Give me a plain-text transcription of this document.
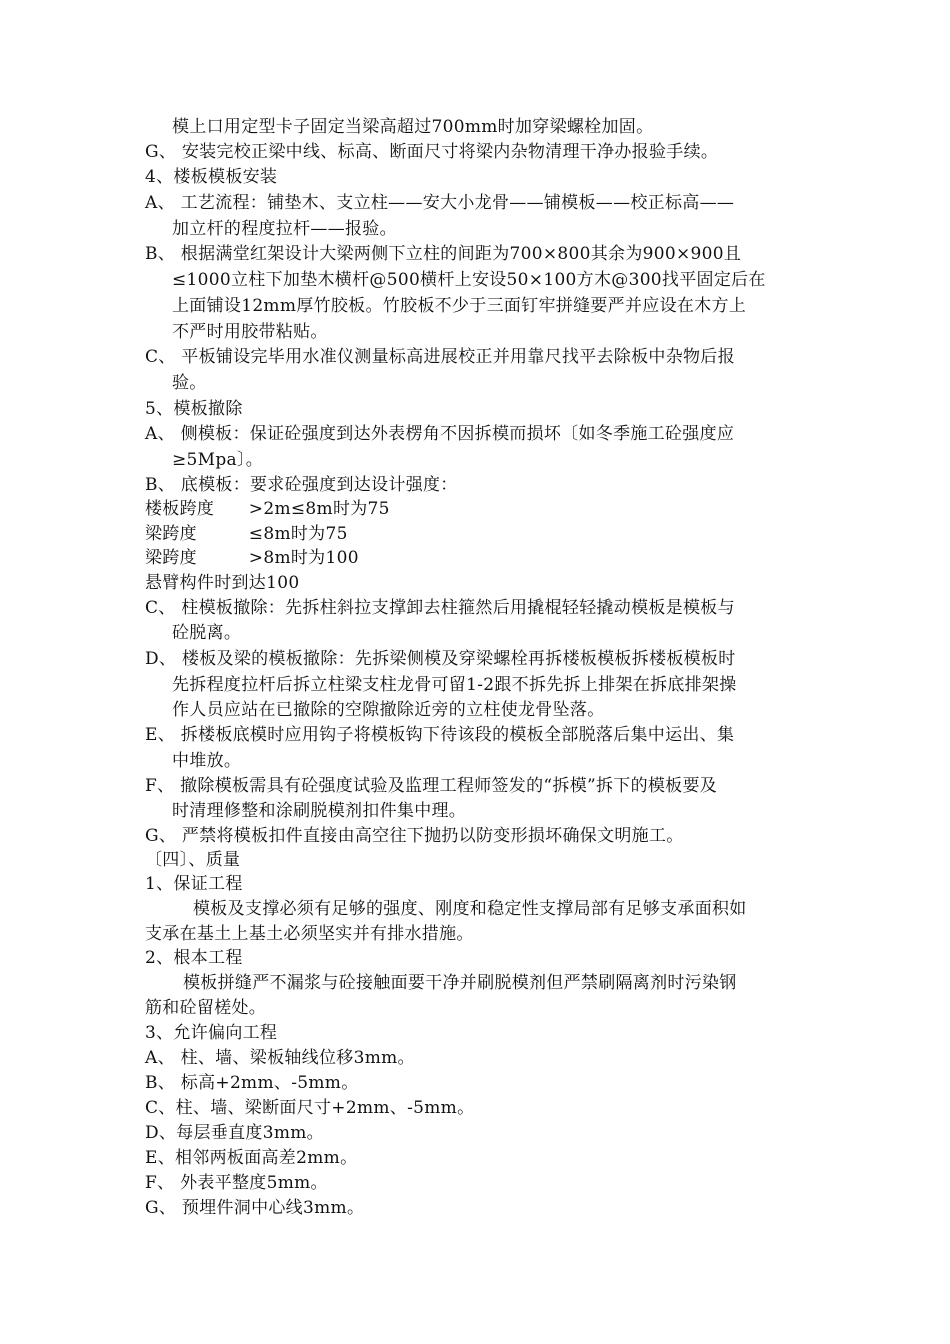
模上口用定型卡子固定当梁高超过700mm时加穿梁螺栓加固。
G、 安装完校正梁中线、标高、断面尺寸将梁内杂物清理干净办报验手续。
4、楼板模板安装
A、 工艺流程：铺垫木、支立柱——安大小龙骨——铺模板——校正标高——
加立杆的程度拉杆——报验。
B、 根据满堂红架设计大梁两侧下立柱的间距为700×800其余为900×900且
≤1000立柱下加垫木横杆@500横杆上安设50×100方木@300找平固定后在
上面铺设12mm厚竹胶板。竹胶板不少于三面钉牢拼缝要严并应设在木方上
不严时用胶带粘贴。
C、 平板铺设完毕用水准仪测量标高进展校正并用靠尺找平去除板中杂物后报
验。
5、模板撤除
A、 侧模板：保证砼强度到达外表楞角不因拆模而损坏〔如冬季施工砼强度应
≥5Mpa〕。
B、 底模板：要求砼强度到达设计强度：
楼板跨度　　>2m≤8m时为75
梁跨度　　　≤8m时为75
梁跨度　　　>8m时为100
悬臂构件时到达100
C、 柱模板撤除：先拆柱斜拉支撑卸去柱箍然后用撬棍轻轻撬动模板是模板与
砼脱离。
D、 楼板及梁的模板撤除：先拆梁侧模及穿梁螺栓再拆楼板模板拆楼板模板时
先拆程度拉杆后拆立柱梁支柱龙骨可留1-2跟不拆先拆上排架在拆底排架操
作人员应站在已撤除的空隙撤除近旁的立柱使龙骨坠落。
E、 拆楼板底模时应用钩子将模板钩下待该段的模板全部脱落后集中运出、集
中堆放。
F、 撤除模板需具有砼强度试验及监理工程师签发的“拆模”拆下的模板要及
时清理修整和涂刷脱模剂扣件集中理。
G、 严禁将模板扣件直接由高空往下抛扔以防变形损坏确保文明施工。
〔四〕、质量
1、保证工程
模板及支撑必须有足够的强度、刚度和稳定性支撑局部有足够支承面积如
支承在基土上基土必须坚实并有排水措施。
2、根本工程
模板拼缝严不漏浆与砼接触面要干净并刷脱模剂但严禁刷隔离剂时污染钢
筋和砼留槎处。
3、允许偏向工程
A、 柱、墙、梁板轴线位移3mm。
B、 标高+2mm、-5mm。
C、柱、墙、梁断面尺寸+2mm、-5mm。
D、每层垂直度3mm。
E、相邻两板面高差2mm。
F、 外表平整度5mm。
G、 预埋件洞中心线3mm。
